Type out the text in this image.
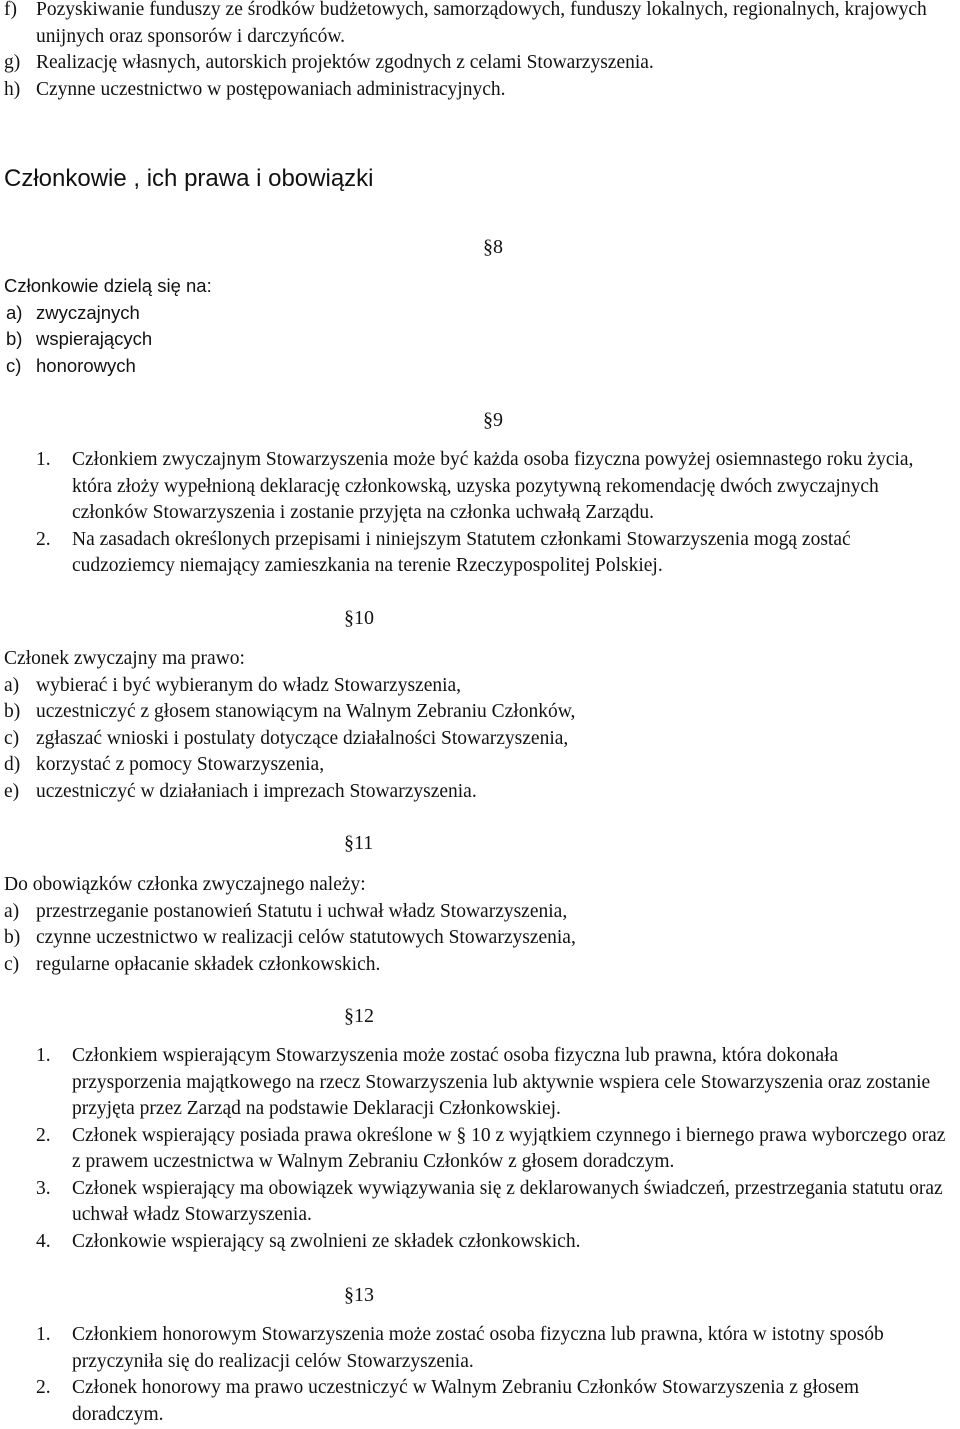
f) Pozyskiwanie funduszy ze środków budżetowych, samorządowych, funduszy lokalnych, regionalnych, krajowych unijnych oraz sponsorów i darczyńców.
g) Realizację własnych, autorskich projektów zgodnych z celami Stowarzyszenia.
h) Czynne uczestnictwo w postępowaniach administracyjnych.
Członkowie , ich prawa i obowiązki
§8
Członkowie dzielą się na:
a) zwyczajnych
b) wspierających
c) honorowych
§9
1.	Członkiem zwyczajnym Stowarzyszenia może być każda osoba fizyczna powyżej osiemnastego roku życia, która złoży wypełnioną deklarację członkowską, uzyska pozytywną rekomendację dwóch zwyczajnych członków Stowarzyszenia i zostanie przyjęta na członka uchwałą Zarządu.
2.	Na zasadach określonych przepisami i niniejszym Statutem członkami Stowarzyszenia mogą zostać cudzoziemcy niemający zamieszkania na terenie Rzeczypospolitej Polskiej.
§10
Członek zwyczajny ma prawo:
a) wybierać i być wybieranym do władz Stowarzyszenia,
b) uczestniczyć z głosem stanowiącym na Walnym Zebraniu Członków,
c) zgłaszać wnioski i postulaty dotyczące działalności Stowarzyszenia,
d) korzystać z pomocy Stowarzyszenia,
e) uczestniczyć w działaniach i imprezach Stowarzyszenia.
§11
Do obowiązków członka zwyczajnego należy:
a) przestrzeganie postanowień Statutu i uchwał władz Stowarzyszenia,
b) czynne uczestnictwo w realizacji celów statutowych Stowarzyszenia,
c) regularne opłacanie składek członkowskich.
§12
1.	Członkiem wspierającym Stowarzyszenia może zostać osoba fizyczna lub prawna, która dokonała przysporzenia majątkowego na rzecz Stowarzyszenia lub aktywnie wspiera cele Stowarzyszenia oraz zostanie przyjęta przez Zarząd na podstawie Deklaracji Członkowskiej.
2.	Członek wspierający posiada prawa określone w § 10 z wyjątkiem czynnego i biernego prawa wyborczego oraz z prawem uczestnictwa w Walnym Zebraniu Członków z głosem doradczym.
3.	Członek wspierający ma obowiązek wywiązywania się z deklarowanych świadczeń, przestrzegania statutu oraz uchwał władz Stowarzyszenia.
4.	Członkowie wspierający są zwolnieni ze składek członkowskich.
§13
1.	Członkiem honorowym Stowarzyszenia może zostać osoba fizyczna lub prawna, która w istotny sposób przyczyniła się do realizacji celów Stowarzyszenia.
2.	Członek honorowy ma prawo uczestniczyć w Walnym Zebraniu Członków Stowarzyszenia z głosem doradczym.
